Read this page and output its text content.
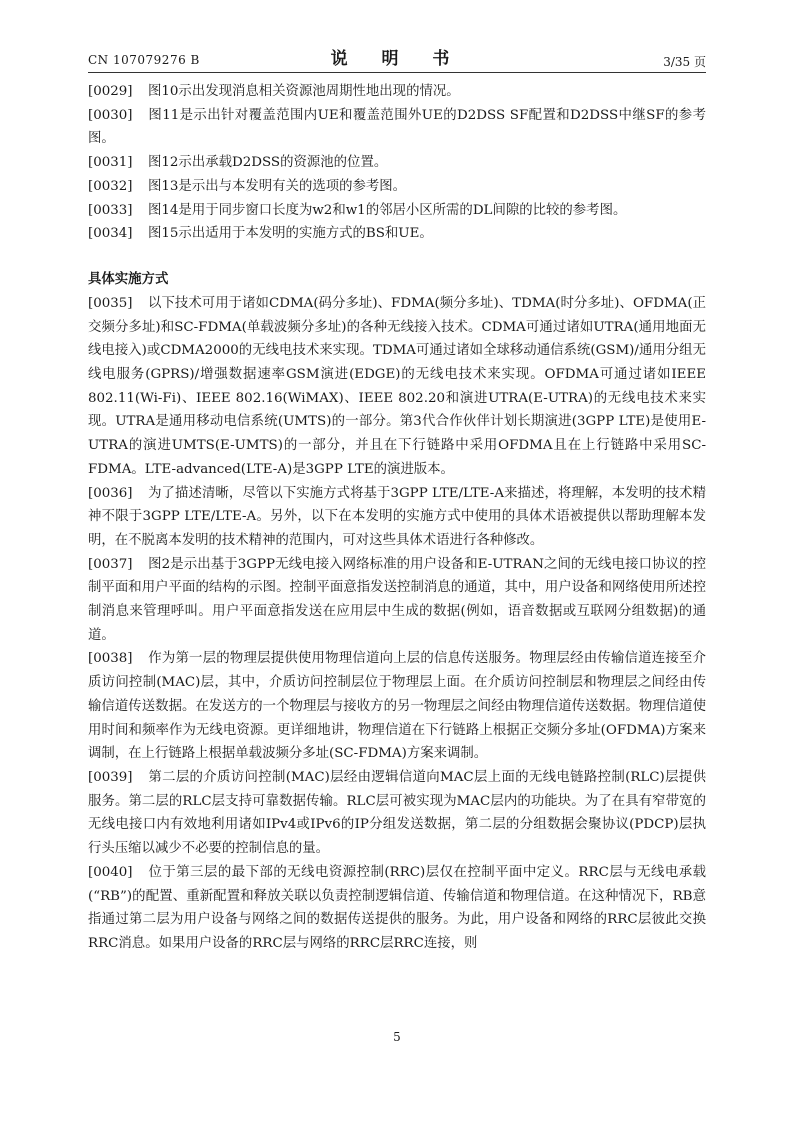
CN 107079276 B	说 明 书	3/35 页

[0029] 图10示出发现消息相关资源池周期性地出现的情况。

[0030] 图11是示出针对覆盖范围内UE和覆盖范围外UE的D2DSS SF配置和D2DSS中继SF的参考图。

[0031] 图12示出承载D2DSS的资源池的位置。

[0032] 图13是示出与本发明有关的选项的参考图。

[0033] 图14是用于同步窗口长度为w2和w1的邻居小区所需的DL间隙的比较的参考图。

[0034] 图15示出适用于本发明的实施方式的BS和UE。

具体实施方式

[0035] 以下技术可用于诸如CDMA(码分多址)、FDMA(频分多址)、TDMA(时分多址)、OFDMA(正交频分多址)和SC-FDMA(单载波频分多址)的各种无线接入技术。CDMA可通过诸如UTRA(通用地面无线电接入)或CDMA2000的无线电技术来实现。TDMA可通过诸如全球移动通信系统(GSM)/通用分组无线电服务(GPRS)/增强数据速率GSM演进(EDGE)的无线电技术来实现。OFDMA可通过诸如IEEE 802.11(Wi-Fi)、IEEE 802.16(WiMAX)、IEEE 802.20和演进UTRA(E-UTRA)的无线电技术来实现。UTRA是通用移动电信系统(UMTS)的一部分。第3代合作伙伴计划长期演进(3GPP LTE)是使用E-UTRA的演进UMTS(E-UMTS)的一部分，并且在下行链路中采用OFDMA且在上行链路中采用SC-FDMA。LTE-advanced(LTE-A)是3GPP LTE的演进版本。

[0036] 为了描述清晰，尽管以下实施方式将基于3GPP LTE/LTE-A来描述，将理解，本发明的技术精神不限于3GPP LTE/LTE-A。另外，以下在本发明的实施方式中使用的具体术语被提供以帮助理解本发明，在不脱离本发明的技术精神的范围内，可对这些具体术语进行各种修改。

[0037] 图2是示出基于3GPP无线电接入网络标准的用户设备和E-UTRAN之间的无线电接口协议的控制平面和用户平面的结构的示图。控制平面意指发送控制消息的通道，其中，用户设备和网络使用所述控制消息来管理呼叫。用户平面意指发送在应用层中生成的数据(例如，语音数据或互联网分组数据)的通道。

[0038] 作为第一层的物理层提供使用物理信道向上层的信息传送服务。物理层经由传输信道连接至介质访问控制(MAC)层，其中，介质访问控制层位于物理层上面。在介质访问控制层和物理层之间经由传输信道传送数据。在发送方的一个物理层与接收方的另一物理层之间经由物理信道传送数据。物理信道使用时间和频率作为无线电资源。更详细地讲，物理信道在下行链路上根据正交频分多址(OFDMA)方案来调制，在上行链路上根据单载波频分多址(SC-FDMA)方案来调制。

[0039] 第二层的介质访问控制(MAC)层经由逻辑信道向MAC层上面的无线电链路控制(RLC)层提供服务。第二层的RLC层支持可靠数据传输。RLC层可被实现为MAC层内的功能块。为了在具有窄带宽的无线电接口内有效地利用诸如IPv4或IPv6的IP分组发送数据，第二层的分组数据会聚协议(PDCP)层执行头压缩以减少不必要的控制信息的量。

[0040] 位于第三层的最下部的无线电资源控制(RRC)层仅在控制平面中定义。RRC层与无线电承载(“RB”)的配置、重新配置和释放关联以负责控制逻辑信道、传输信道和物理信道。在这种情况下，RB意指通过第二层为用户设备与网络之间的数据传送提供的服务。为此，用户设备和网络的RRC层彼此交换RRC消息。如果用户设备的RRC层与网络的RRC层RRC连接，则

5
